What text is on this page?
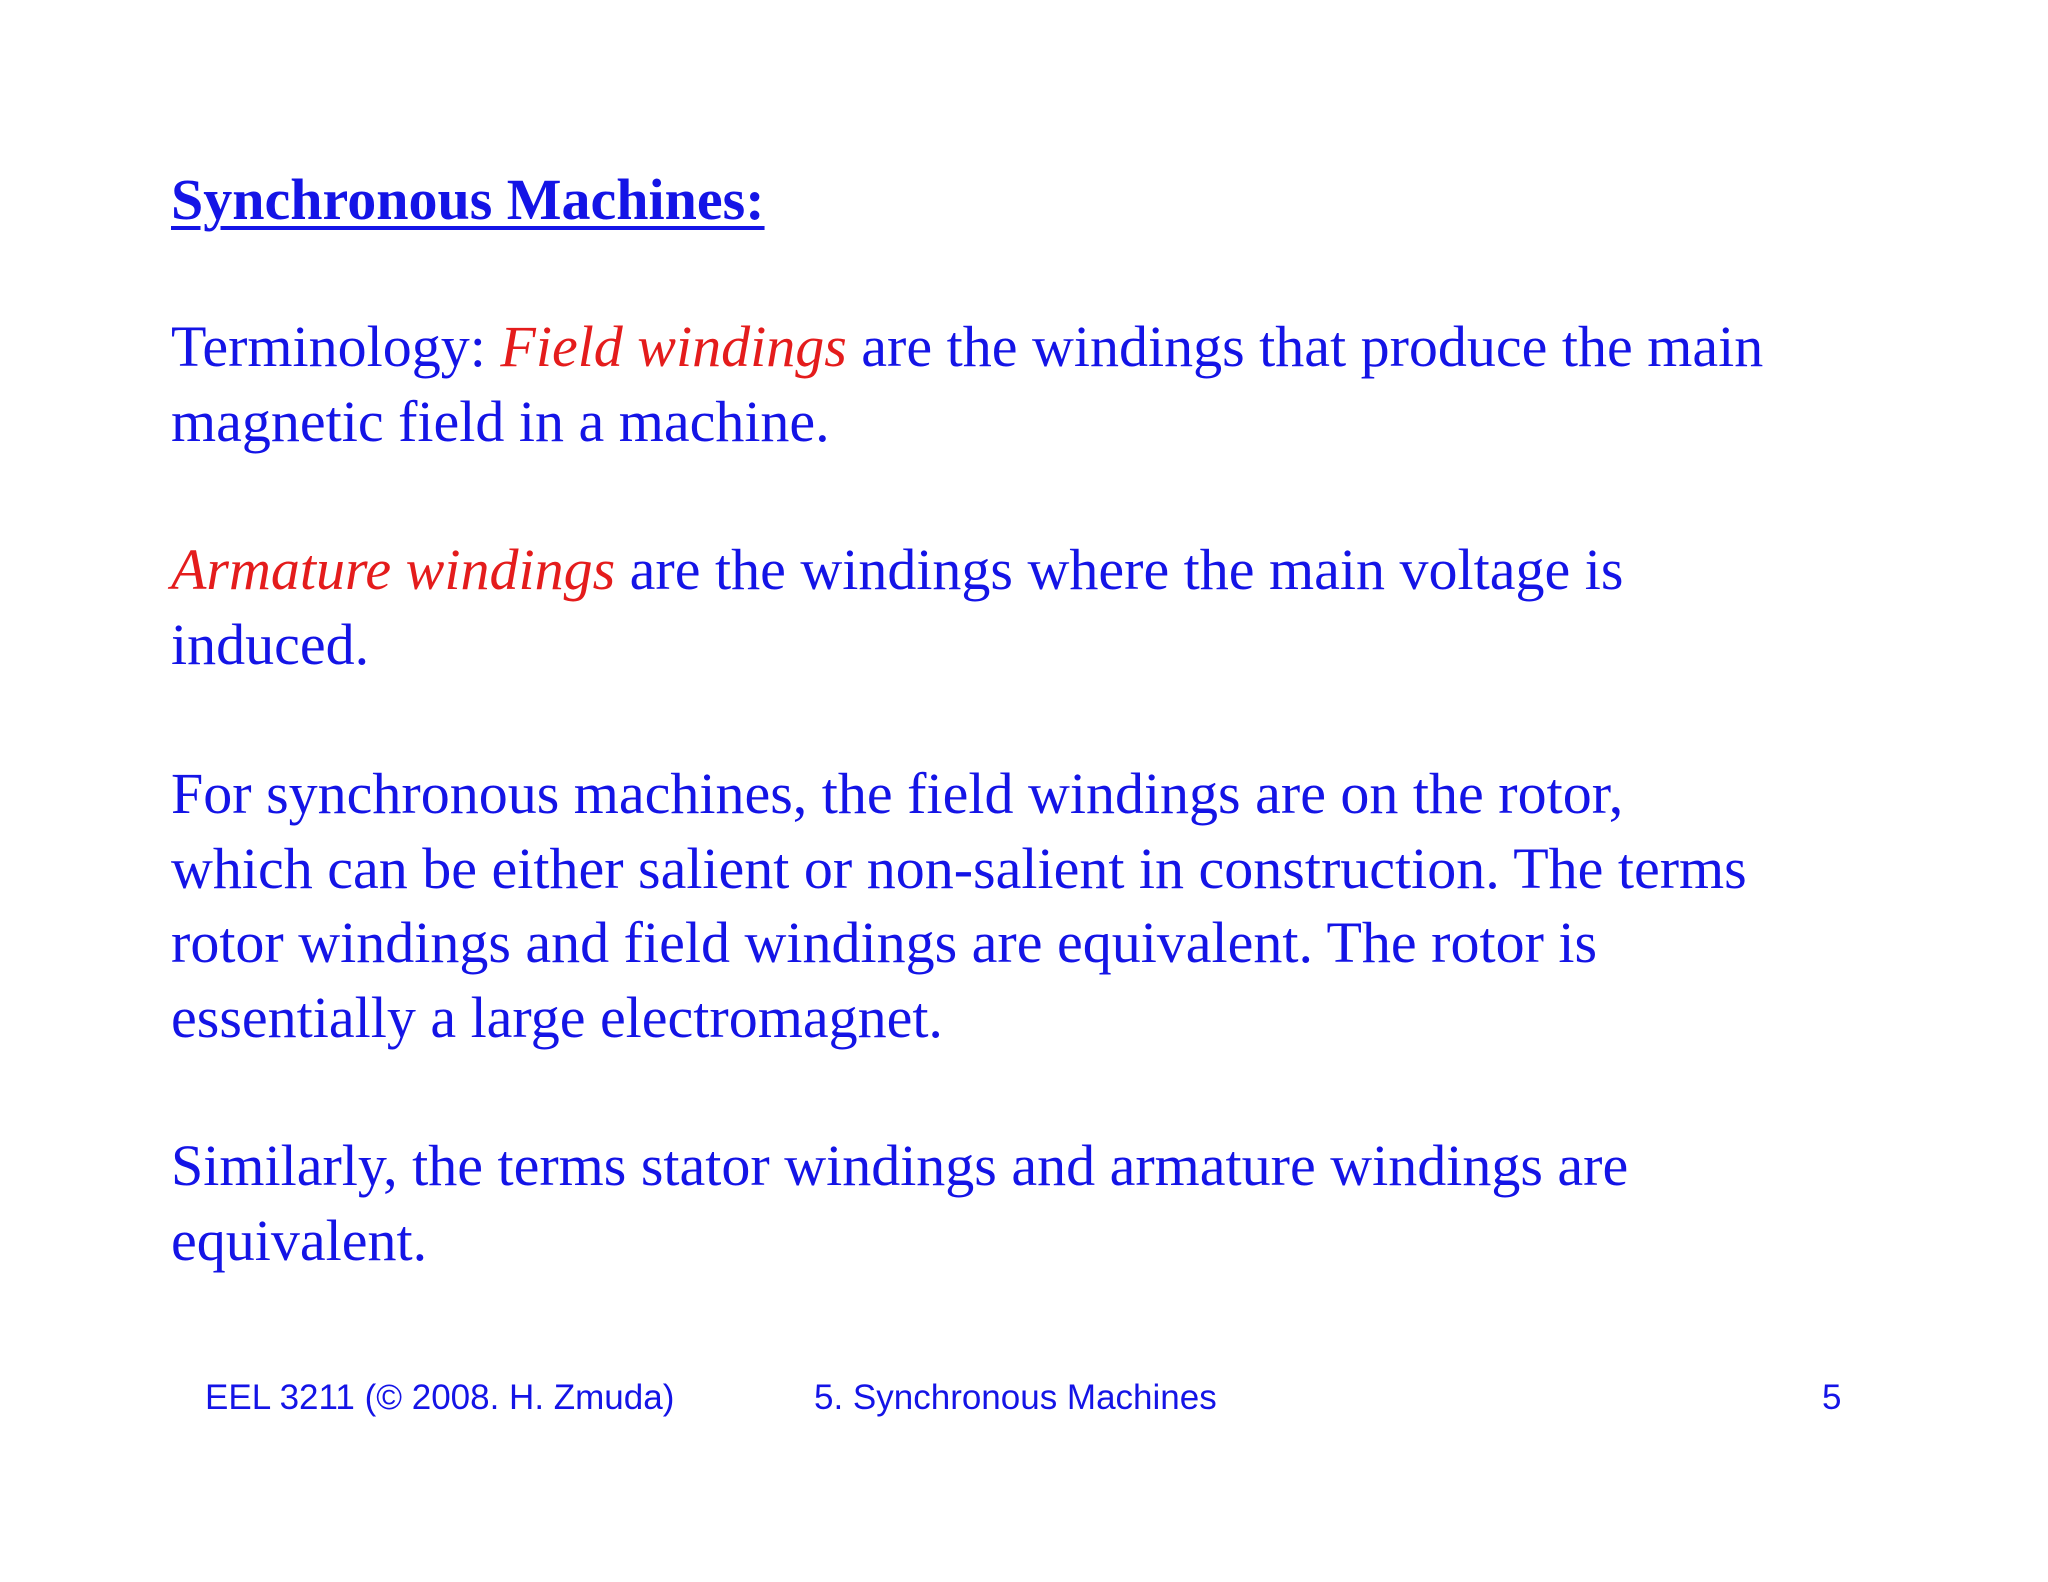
Synchronous Machines:
Terminology: Field windings are the windings that produce the main
magnetic field in a machine.
Armature windings are the windings where the main voltage is
induced.
For synchronous machines, the field windings are on the rotor,
which can be either salient or non-salient in construction. The terms
rotor windings and field windings are equivalent. The rotor is
essentially a large electromagnet.
Similarly, the terms stator windings and armature windings are
equivalent.
EEL 3211 (© 2008. H. Zmuda)	5. Synchronous Machines	5
